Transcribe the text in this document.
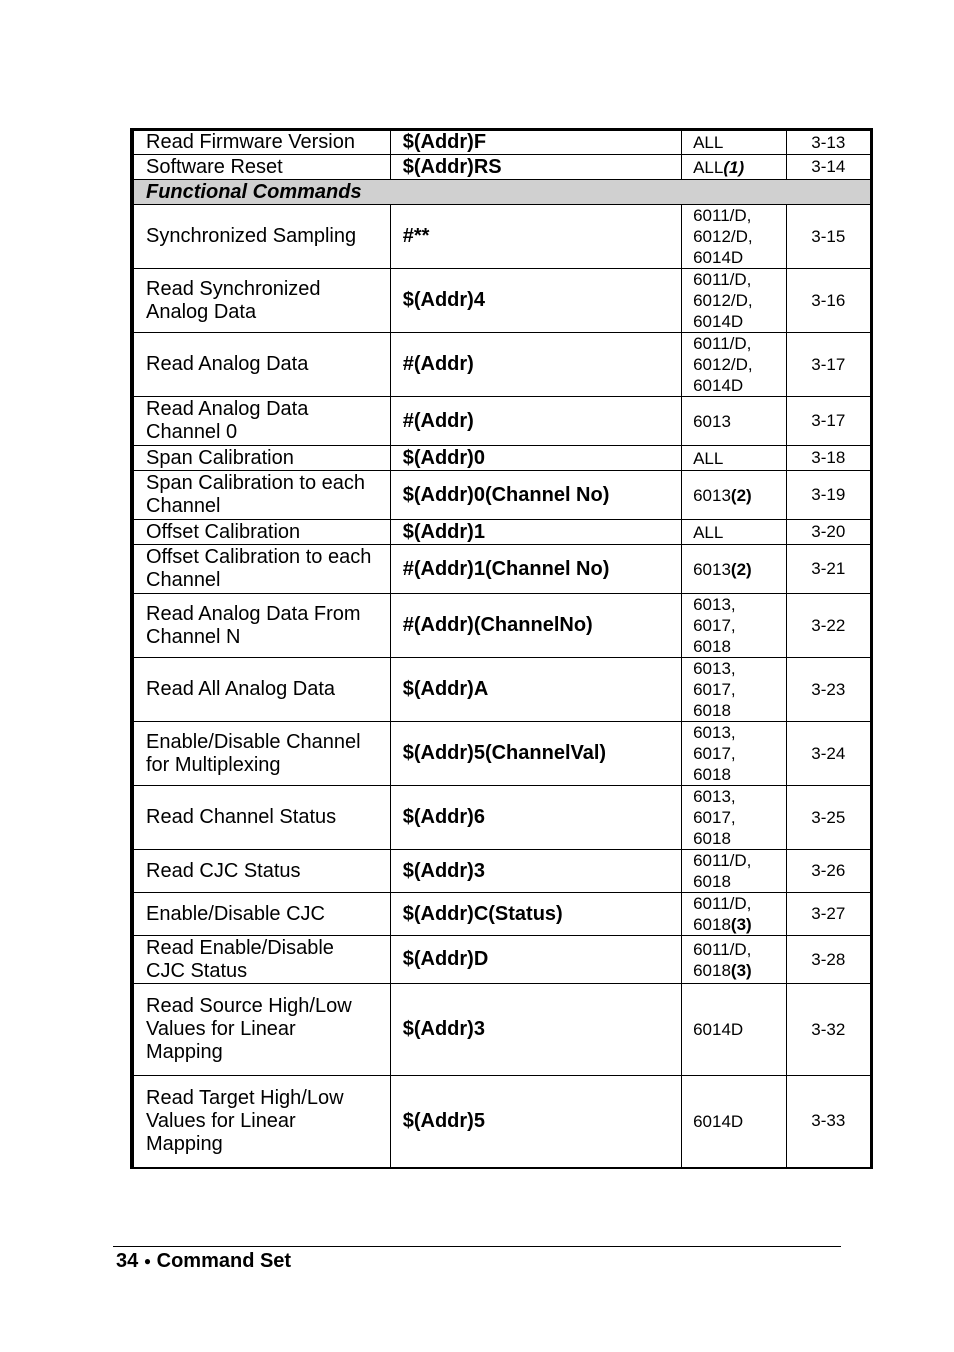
Read Firmware Version	$(Addr)F	ALL	3-13
Software Reset	$(Addr)RS	ALL(1)	3-14
Functional Commands			
Synchronized Sampling	#**	6011/D,
6012/D,
6014D	3-15
Read Synchronized
Analog Data	$(Addr)4	6011/D,
6012/D,
6014D	3-16
Read Analog Data	#(Addr)	6011/D,
6012/D,
6014D	3-17
Read Analog Data
Channel 0	#(Addr)	6013	3-17
Span Calibration	$(Addr)0	ALL	3-18
Span Calibration to each
Channel	$(Addr)0(Channel No)	6013(2)	3-19
Offset Calibration	$(Addr)1	ALL	3-20
Offset Calibration to each
Channel	#(Addr)1(Channel No)	6013(2)	3-21
Read Analog Data From
Channel N	#(Addr)(ChannelNo)	6013,
6017,
6018	3-22
Read All Analog Data	$(Addr)A	6013,
6017,
6018	3-23
Enable/Disable Channel
for Multiplexing	$(Addr)5(ChannelVal)	6013,
6017,
6018	3-24
Read Channel Status	$(Addr)6	6013,
6017,
6018	3-25
Read CJC Status	$(Addr)3	6011/D,
6018	3-26
Enable/Disable CJC	$(Addr)C(Status)	6011/D,
6018(3)	3-27
Read Enable/Disable
CJC Status	$(Addr)D	6011/D,
6018(3)	3-28
Read Source High/Low
Values for Linear
Mapping	$(Addr)3	6014D	3-32
Read Target High/Low
Values for Linear
Mapping	$(Addr)5	6014D	3-33
34 ● Command Set
